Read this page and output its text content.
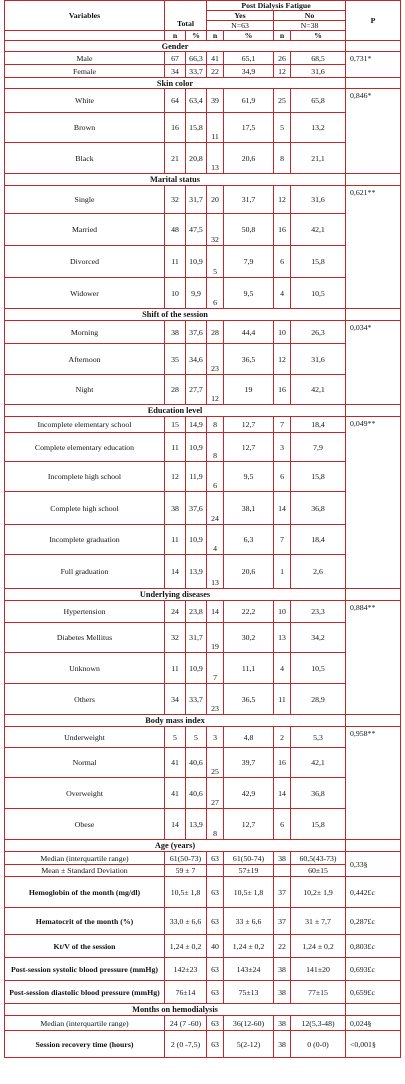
Variables	Total		Post Dialysis Fatigue				P
			Yes		No		
			N=63		N=38		
	n	%	n	%	n	%	
Gender							
Male	67	66,3	41	65,1	26	68,5	0,731*
Female	34	33,7	22	34,9	12	31,6	
Skin color							
White	64	63,4	39	61,9	25	65,8	0,846*
Brown	16	15,8	11	17,5	5	13,2	
Black	21	20,8	13	20,6	8	21,1	
Marital status							
Single	32	31,7	20	31,7	12	31,6	0,621**
Married	48	47,5	32	50,8	16	42,1	
Divorced	11	10,9	5	7,9	6	15,8	
Widower	10	9,9	6	9,5	4	10,5	
Shift of the session							
Morning	38	37,6	28	44,4	10	26,3	0,034*
Afternoon	35	34,6	23	36,5	12	31,6	
Night	28	27,7	12	19	16	42,1	
Education level							
Incomplete elementary school	15	14,9	8	12,7	7	18,4	0,049**
Complete elementary education	11	10,9	8	12,7	3	7,9	
Incomplete high school	12	11,9	6	9,5	6	15,8	
Complete high school	38	37,6	24	38,1	14	36,8	
Incomplete graduation	11	10,9	4	6,3	7	18,4	
Full graduation	14	13,9	13	20,6	1	2,6	
Underlying diseases							
Hypertension	24	23,8	14	22,2	10	23,3	0,884**
Diabetes Mellitus	32	31,7	19	30,2	13	34,2	
Unknown	11	10,9	7	11,1	4	10,5	
Others	34	33,7	23	36,5	11	28,9	
Body mass index							
Underweight	5	5	3	4,8	2	5,3	0,958**
Normal	41	40,6	25	39,7	16	42,1	
Overweight	41	40,6	27	42,9	14	36,8	
Obese	14	13,9	8	12,7	6	15,8	
Age (years)							
Median (interquartile range)	61(50-73)		63	61(50-74)	38	60,5(43-73)	0,33§
Mean ± Standard Deviation	59 ± 7			57±19		60±15	
Hemoglobin of the month (mg/dl)	10,5± 1,8		63	10,5± 1,8	37	10,2± 1,9	0,442£c
Hematocrit of the month (%)	33,0 ± 6,6		63	33 ± 6,6	37	31 ± 7,7	0,287£c
Kt/V of the session	1,24 ± 0,2		40	1,24 ± 0,2	22	1,24 ± 0,2	0,803£c
Post-session systolic blood pressure (mmHg)	142±23		63	143±24	38	141±20	0,693£c
Post-session diastolic blood pressure (mmHg)	76±14		63	75±13	38	77±15	0,659£c
Months on hemodialysis							
Median (interquartile range)	24 (7 -60)		63	36(12-60)	38	12(5,3-48)	0,024§
Session recovery time (hours)	2 (0 -7,5)		63	5(2-12)	38	0 (0-0)	<0,001§
